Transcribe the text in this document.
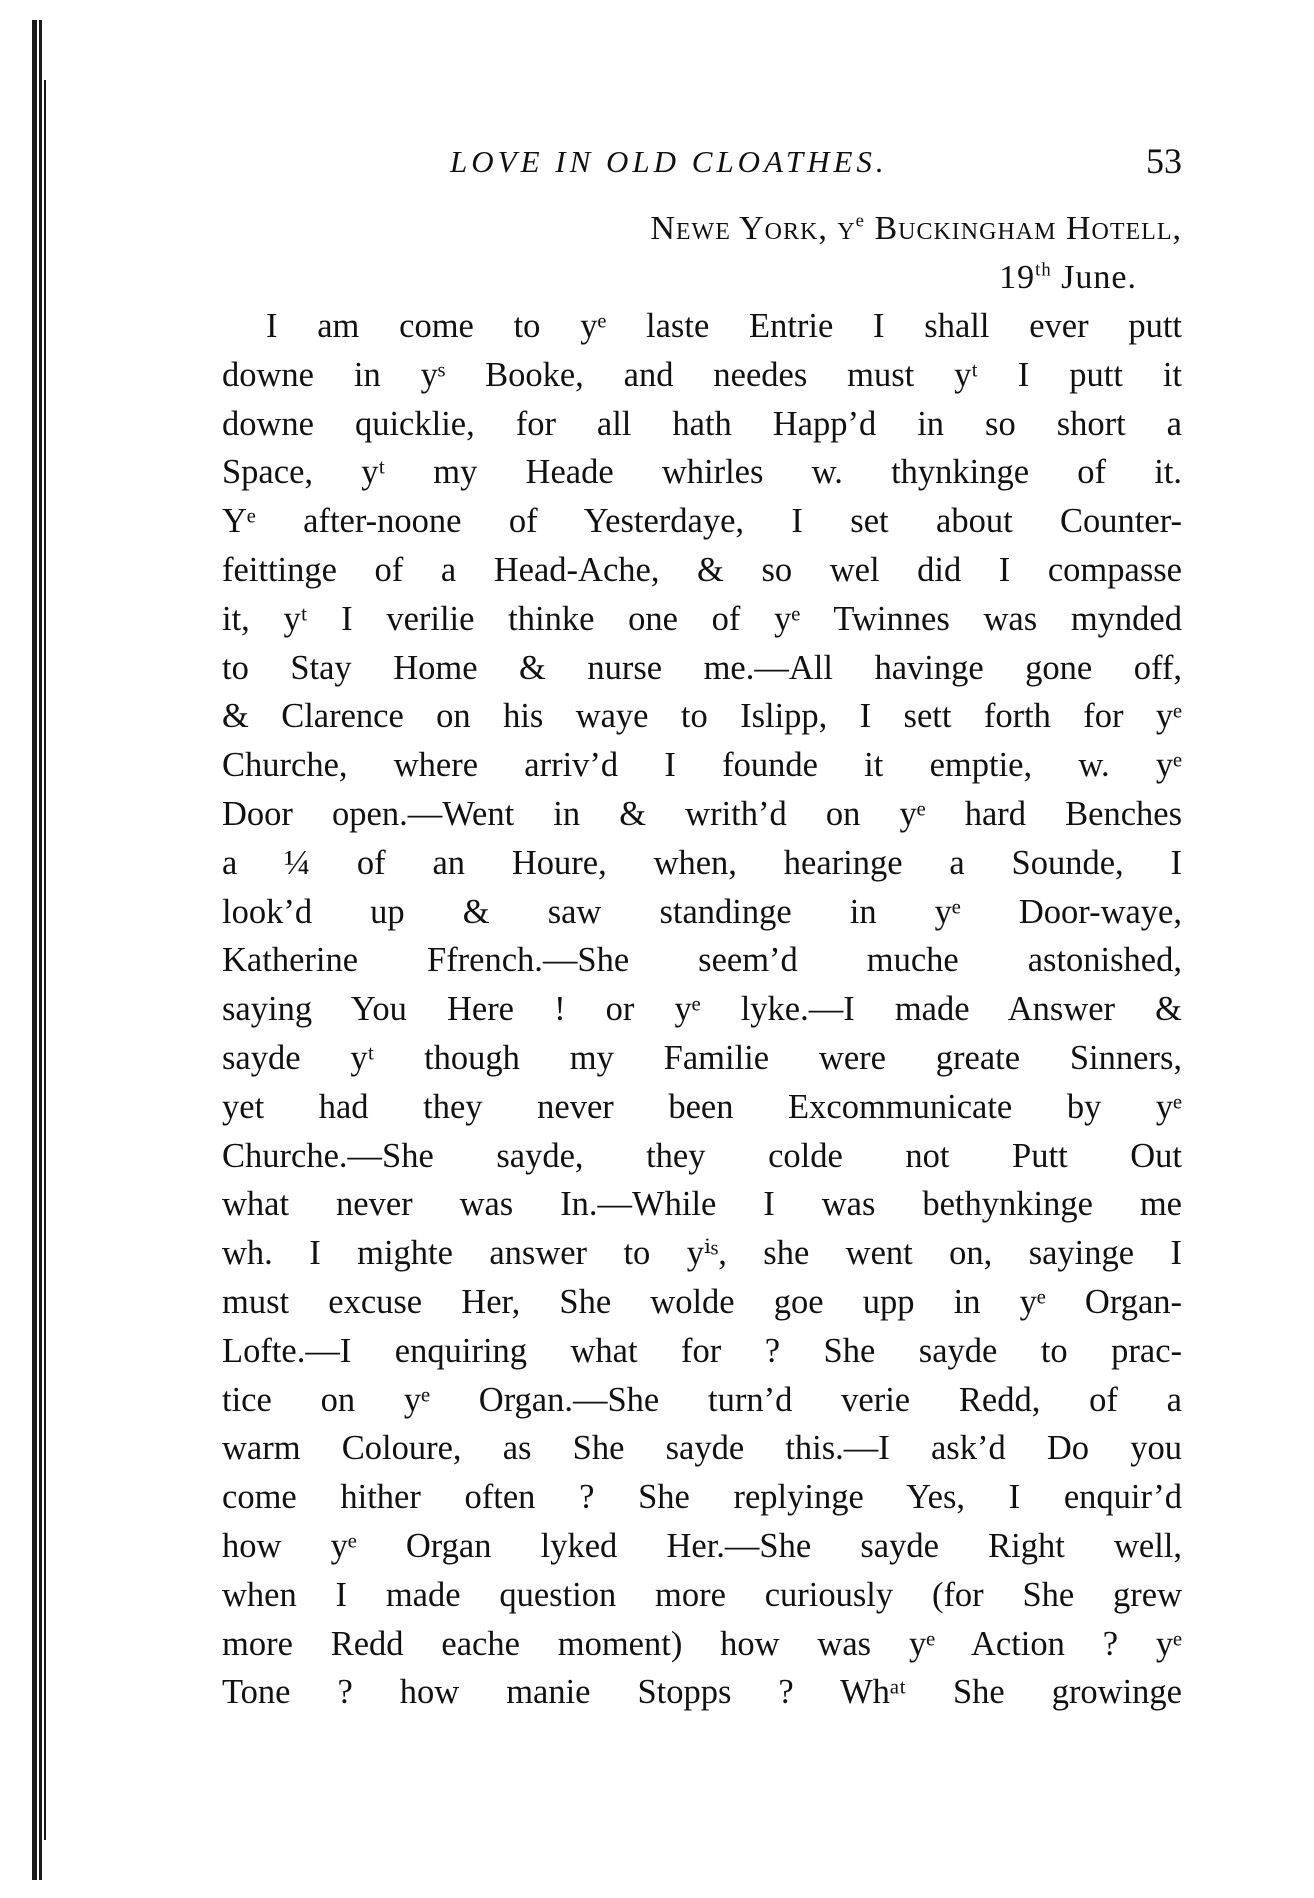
LOVE IN OLD CLOATHES.	53
Newe York, $y^e$ Buckingham Hotell,
19th June.
I am come to yᵉ laste Entrie I shall ever putt
downe in yˢ Booke, and needes must yᵗ I putt it
downe quicklie, for all hath Happ’d in so short a
Space, yᵗ my Heade whirles w. thynkinge of it.
Yᵉ after-noone of Yesterdaye, I set about Counter-
feittinge of a Head-Ache, & so wel did I compasse
it, yᵗ I verilie thinke one of yᵉ Twinnes was mynded
to Stay Home & nurse me.—All havinge gone off,
& Clarence on his waye to Islipp, I sett forth for yᵉ
Churche, where arriv’d I founde it emptie, w. yᵉ
Door open.—Went in & writh’d on yᵉ hard Benches
a ¼ of an Houre, when, hearinge a Sounde, I
look’d up & saw standinge in yᵉ Door-waye,
Katherine Ffrench.—She seem’d muche astonished,
saying You Here ! or yᵉ lyke.—I made Answer &
sayde yᵗ though my Familie were greate Sinners,
yet had they never been Excommunicate by yᵉ
Churche.—She sayde, they colde not Putt Out
what never was In.—While I was bethynkinge me
wh. I mighte answer to yⁱˢ, she went on, sayinge I
must excuse Her, She wolde goe upp in yᵉ Organ-
Lofte.—I enquiring what for ? She sayde to prac-
tice on yᵉ Organ.—She turn’d verie Redd, of a
warm Coloure, as She sayde this.—I ask’d Do you
come hither often ? She replyinge Yes, I enquir’d
how yᵉ Organ lyked Her.—She sayde Right well,
when I made question more curiously (for She grew
more Redd eache moment) how was yᵉ Action ? yᵉ
Tone ? how manie Stopps ? Whᵃᵗ She growinge
